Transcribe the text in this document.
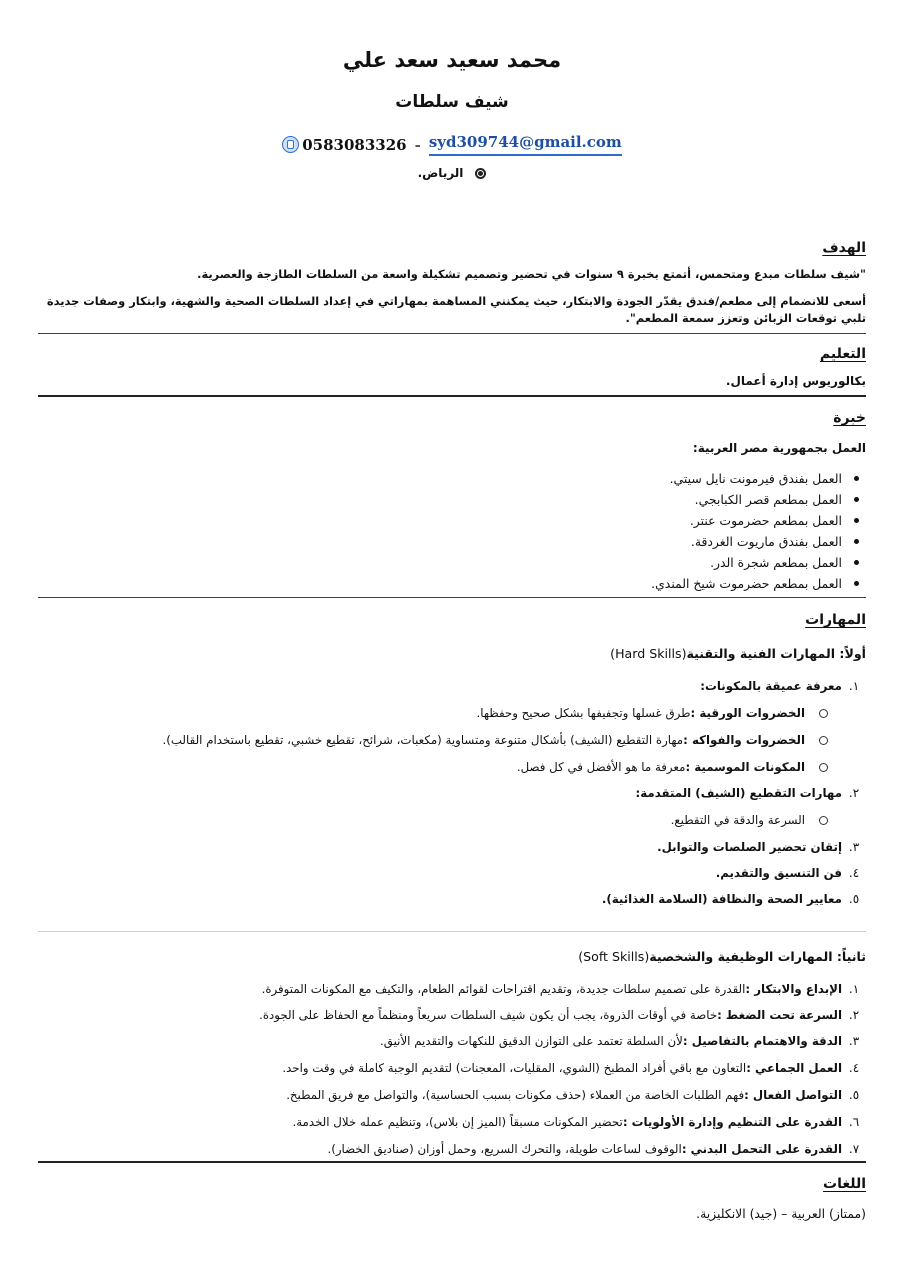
محمد سعيد سعد علي
شيف سلطات
0583083326 - syd309744@gmail.com
الرياض.
الهدف
"شيف سلطات مبدع ومتحمس، أتمتع بخبرة ٩ سنوات في تحضير وتصميم تشكيلة واسعة من السلطات الطازجة والعصرية.
أسعى للانضمام إلى مطعم/فندق يقدّر الجودة والابتكار، حيث يمكنني المساهمة بمهاراتي في إعداد السلطات الصحية والشهية، وابتكار وصفات جديدة تلبي توقعات الزبائن وتعزز سمعة المطعم".
التعليم
بكالوريوس إدارة أعمال.
خبرة
العمل بجمهورية مصر العربية:
العمل بفندق فيرمونت نايل سيتي.
العمل بمطعم قصر الكبابجي.
العمل بمطعم حضرموت عنتر.
العمل بفندق ماريوت الغردقة.
العمل بمطعم شجرة الدر.
العمل بمطعم حضرموت شيخ المندي.
المهارات
أولاً: المهارات الفنية والتقنية(Hard Skills)
١.معرفة عميقة بالمكونات:
الخضروات الورقية :طرق غسلها وتجفيفها بشكل صحيح وحفظها.
الخضروات والفواكه :مهارة التقطيع (الشيف) بأشكال متنوعة ومتساوية (مكعبات، شرائح، تقطيع خشبي، تقطيع باستخدام القالب).
المكونات الموسمية :معرفة ما هو الأفضل في كل فصل.
٢.مهارات التقطيع (الشيف) المتقدمة:
السرعة والدقة في التقطيع.
٣.إتقان تحضير الصلصات والتوابل.
٤.فن التنسيق والتقديم.
٥.معايير الصحة والنظافة (السلامة الغذائية).
ثانياً: المهارات الوظيفية والشخصية(Soft Skills)
١.الإبداع والابتكار :القدرة على تصميم سلطات جديدة، وتقديم اقتراحات لقوائم الطعام، والتكيف مع المكونات المتوفرة.
٢.السرعة تحت الضغط :خاصة في أوقات الذروة، يجب أن يكون شيف السلطات سريعاً ومنظماً مع الحفاظ على الجودة.
٣.الدقة والاهتمام بالتفاصيل :لأن السلطة تعتمد على التوازن الدقيق للنكهات والتقديم الأنيق.
٤.العمل الجماعي :التعاون مع باقي أفراد المطبخ (الشوي، المقليات، المعجنات) لتقديم الوجبة كاملة في وقت واحد.
٥.التواصل الفعال :فهم الطلبات الخاصة من العملاء (حذف مكونات بسبب الحساسية)، والتواصل مع فريق المطبخ.
٦.القدرة على التنظيم وإدارة الأولويات :تحضير المكونات مسبقاً (الميز إن بلاس)، وتنظيم عمله خلال الخدمة.
٧.القدرة على التحمل البدني :الوقوف لساعات طويلة، والتحرك السريع، وحمل أوزان (صناديق الخضار).
اللغات
(ممتاز) العربية – (جيد) الانكليزية.
